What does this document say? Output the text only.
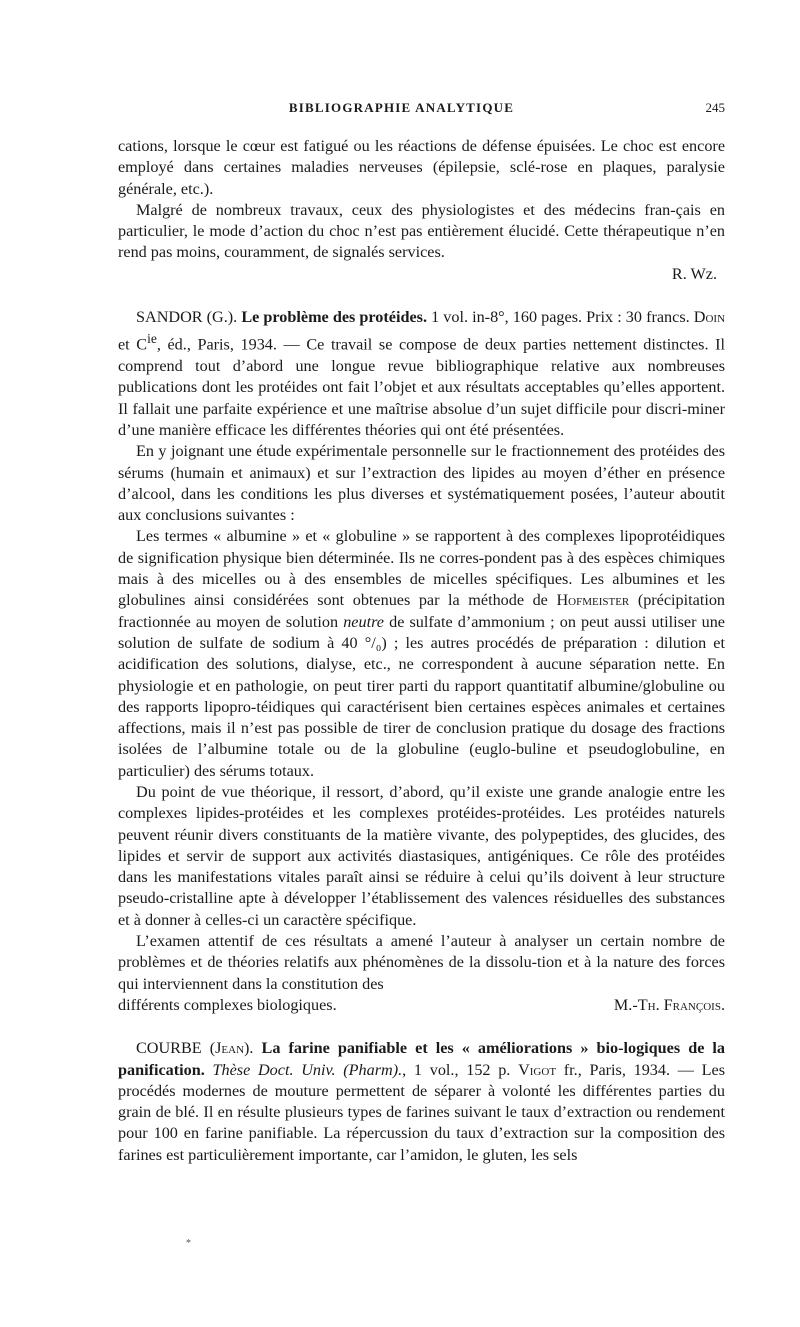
BIBLIOGRAPHIE ANALYTIQUE	245

cations, lorsque le cœur est fatigué ou les réactions de défense épuisées. Le choc est encore employé dans certaines maladies nerveuses (épilepsie, sclé-rose en plaques, paralysie générale, etc.).

Malgré de nombreux travaux, ceux des physiologistes et des médecins fran-çais en particulier, le mode d’action du choc n’est pas entièrement élucidé. Cette thérapeutique n’en rend pas moins, couramment, de signalés services.

R. Wz.

SANDOR (G.). Le problème des protéides. 1 vol. in-8°, 160 pages. Prix : 30 francs. Doin et $C^{ie}$, éd., Paris, 1934. — Ce travail se compose de deux parties nettement distinctes. Il comprend tout d’abord une longue revue bibliographique relative aux nombreuses publications dont les protéides ont fait l’objet et aux résultats acceptables qu’elles apportent. Il fallait une parfaite expérience et une maîtrise absolue d’un sujet difficile pour discri-miner d’une manière efficace les différentes théories qui ont été présentées.

En y joignant une étude expérimentale personnelle sur le fractionnement des protéides des sérums (humain et animaux) et sur l’extraction des lipides au moyen d’éther en présence d’alcool, dans les conditions les plus diverses et systématiquement posées, l’auteur aboutit aux conclusions suivantes :

Les termes « albumine » et « globuline » se rapportent à des complexes lipoprotéidiques de signification physique bien déterminée. Ils ne corres-pondent pas à des espèces chimiques mais à des micelles ou à des ensembles de micelles spécifiques. Les albumines et les globulines ainsi considérées sont obtenues par la méthode de Hofmeister (précipitation fractionnée au moyen de solution neutre de sulfate d’ammonium ; on peut aussi utiliser une solution de sulfate de sodium à 40 °/₀) ; les autres procédés de préparation : dilution et acidification des solutions, dialyse, etc., ne correspondent à aucune séparation nette. En physiologie et en pathologie, on peut tirer parti du rapport quantitatif albumine/globuline ou des rapports lipopro-téidiques qui caractérisent bien certaines espèces animales et certaines affections, mais il n’est pas possible de tirer de conclusion pratique du dosage des fractions isolées de l’albumine totale ou de la globuline (euglo-buline et pseudoglobuline, en particulier) des sérums totaux.

Du point de vue théorique, il ressort, d’abord, qu’il existe une grande analogie entre les complexes lipides-protéides et les complexes protéides-protéides. Les protéides naturels peuvent réunir divers constituants de la matière vivante, des polypeptides, des glucides, des lipides et servir de support aux activités diastasiques, antigéniques. Ce rôle des protéides dans les manifestations vitales paraît ainsi se réduire à celui qu’ils doivent à leur structure pseudo-cristalline apte à développer l’établissement des valences résiduelles des substances et à donner à celles-ci un caractère spécifique.

L’examen attentif de ces résultats a amené l’auteur à analyser un certain nombre de problèmes et de théories relatifs aux phénomènes de la dissolu-tion et à la nature des forces qui interviennent dans la constitution des

différents complexes biologiques.	M.-Th. François.

COURBE (Jean). La farine panifiable et les « améliorations » bio-logiques de la panification. Thèse Doct. Univ. (Pharm)., 1 vol., 152 p. Vigot fr., Paris, 1934. — Les procédés modernes de mouture permettent de séparer à volonté les différentes parties du grain de blé. Il en résulte plusieurs types de farines suivant le taux d’extraction ou rendement pour 100 en farine panifiable. La répercussion du taux d’extraction sur la composition des farines est particulièrement importante, car l’amidon, le gluten, les sels

*
